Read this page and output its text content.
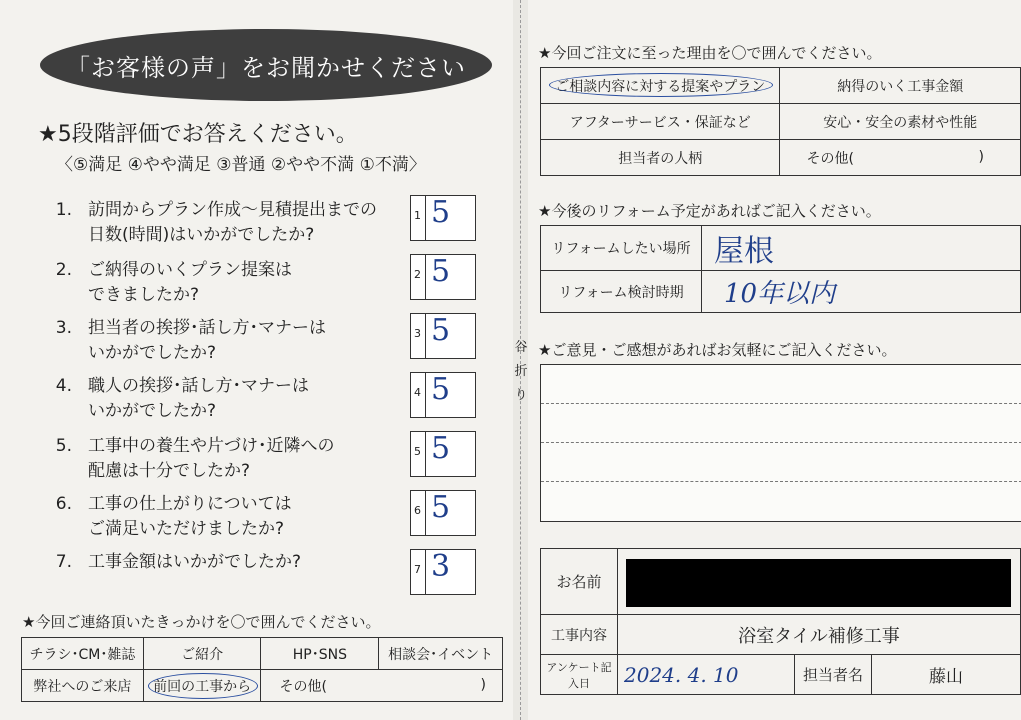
谷
折
り
「お客様の声」をお聞かせください
★5段階評価でお答えください。
〈⑤満足 ④やや満足 ③普通 ②やや不満 ①不満〉
1. 訪問からプラン作成～見積提出までの
日数(時間)はいかがでしたか?
2. ご納得のいくプラン提案は
できましたか?
3. 担当者の挨拶･話し方･マナーは
いかがでしたか?
4. 職人の挨拶･話し方･マナーは
いかがでしたか?
5. 工事中の養生や片づけ･近隣への
配慮は十分でしたか?
6. 工事の仕上がりについては
ご満足いただけましたか?
7. 工事金額はいかがでしたか?
1 5
2 5
3 5
4 5
5 5
6 5
7 3
★今回ご連絡頂いたきっかけを〇で囲んでください。
チラシ･CM･雑誌	ご紹介	HP･SNS	相談会･イベント
弊社へのご来店	前回の工事から	その他( )	
★今回ご注文に至った理由を〇で囲んでください。
ご相談内容に対する提案やプラン	納得のいく工事金額
アフターサービス・保証など	安心・安全の素材や性能
担当者の人柄	その他( )
★今後のリフォーム予定があればご記入ください。
リフォームしたい場所	屋根
リフォーム検討時期	10年以内
★ご意見・ご感想があればお気軽にご記入ください。
お名前			

工事内容	浴室タイル補修工事		
アンケート記入日	2024. 4. 10	担当者名	藤山
